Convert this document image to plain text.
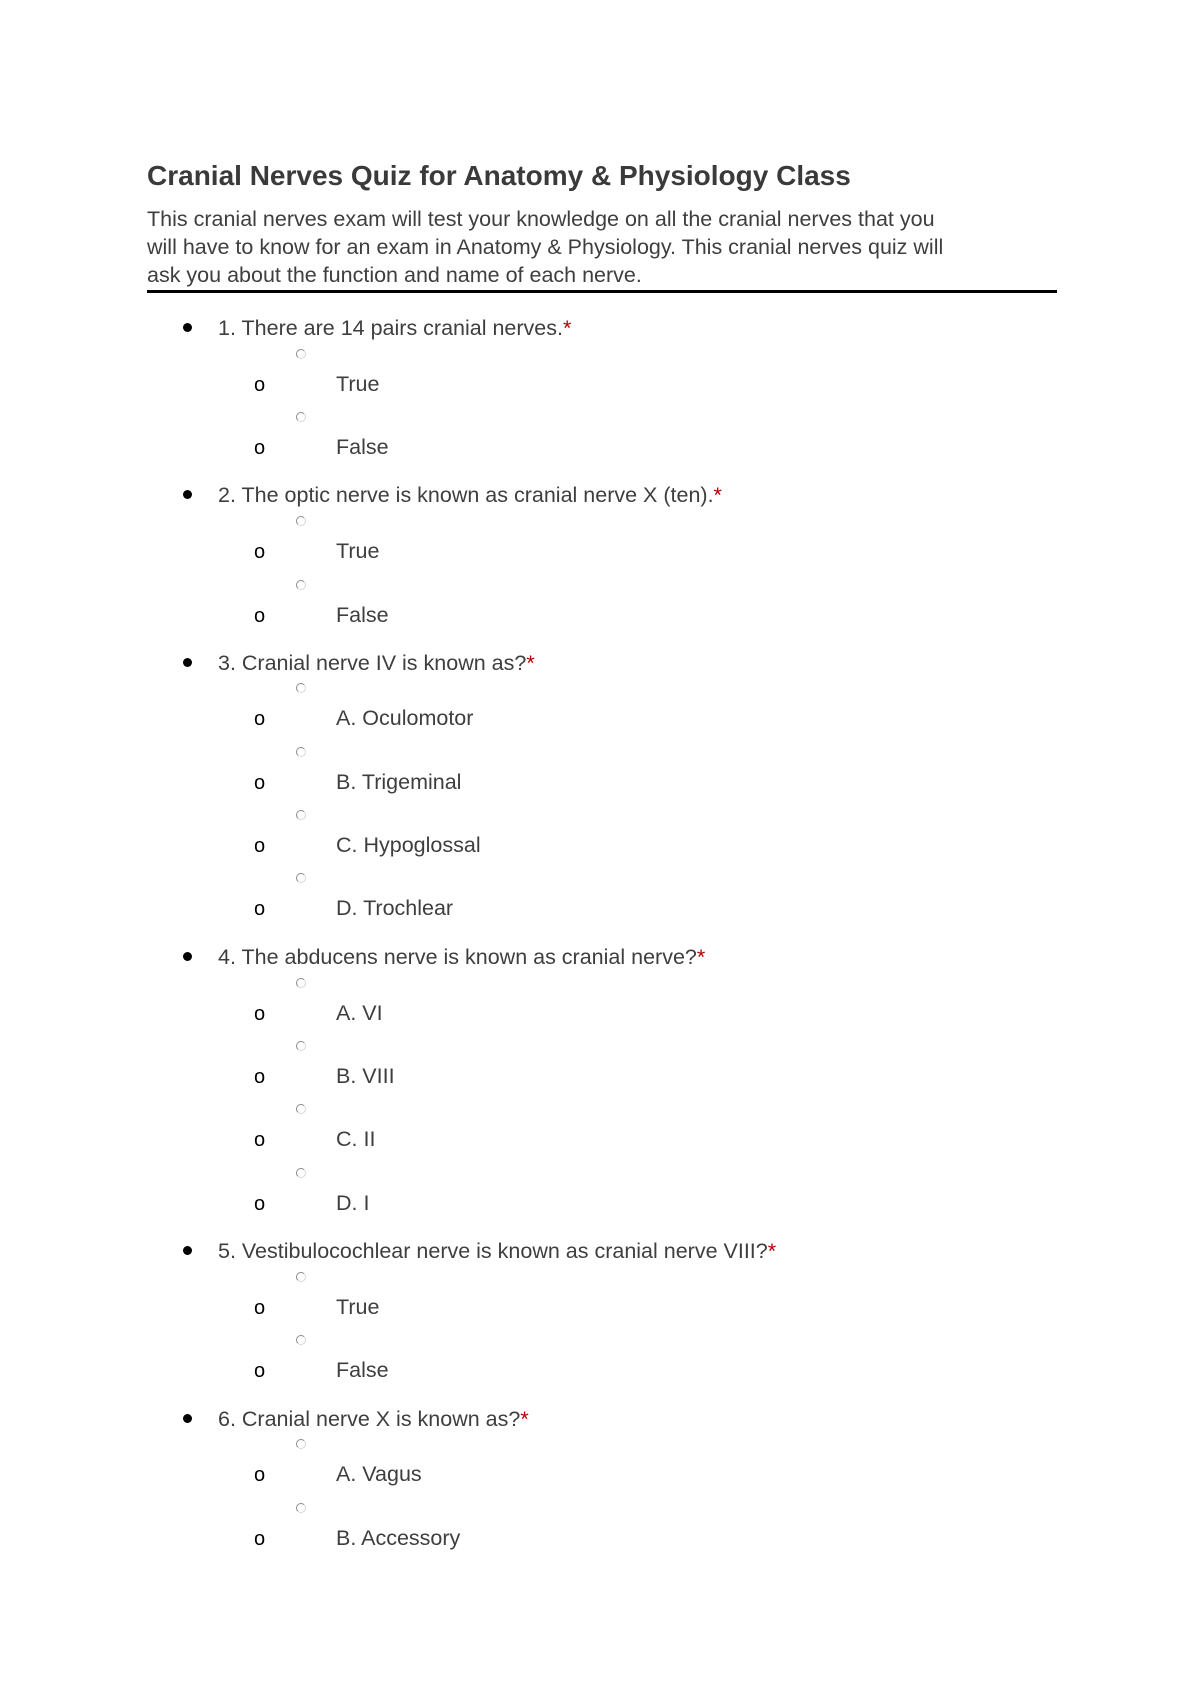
Cranial Nerves Quiz for Anatomy & Physiology Class
This cranial nerves exam will test your knowledge on all the cranial nerves that you
will have to know for an exam in Anatomy & Physiology. This cranial nerves quiz will
ask you about the function and name of each nerve.
1. There are 14 pairs cranial nerves.*
o	True
o	False
2. The optic nerve is known as cranial nerve X (ten).*
o	True
o	False
3. Cranial nerve IV is known as?*
o	A. Oculomotor
o	B. Trigeminal
o	C. Hypoglossal
o	D. Trochlear
4. The abducens nerve is known as cranial nerve?*
o	A. VI
o	B. VIII
o	C. II
o	D. I
5. Vestibulocochlear nerve is known as cranial nerve VIII?*
o	True
o	False
6. Cranial nerve X is known as?*
o	A. Vagus
o	B. Accessory
